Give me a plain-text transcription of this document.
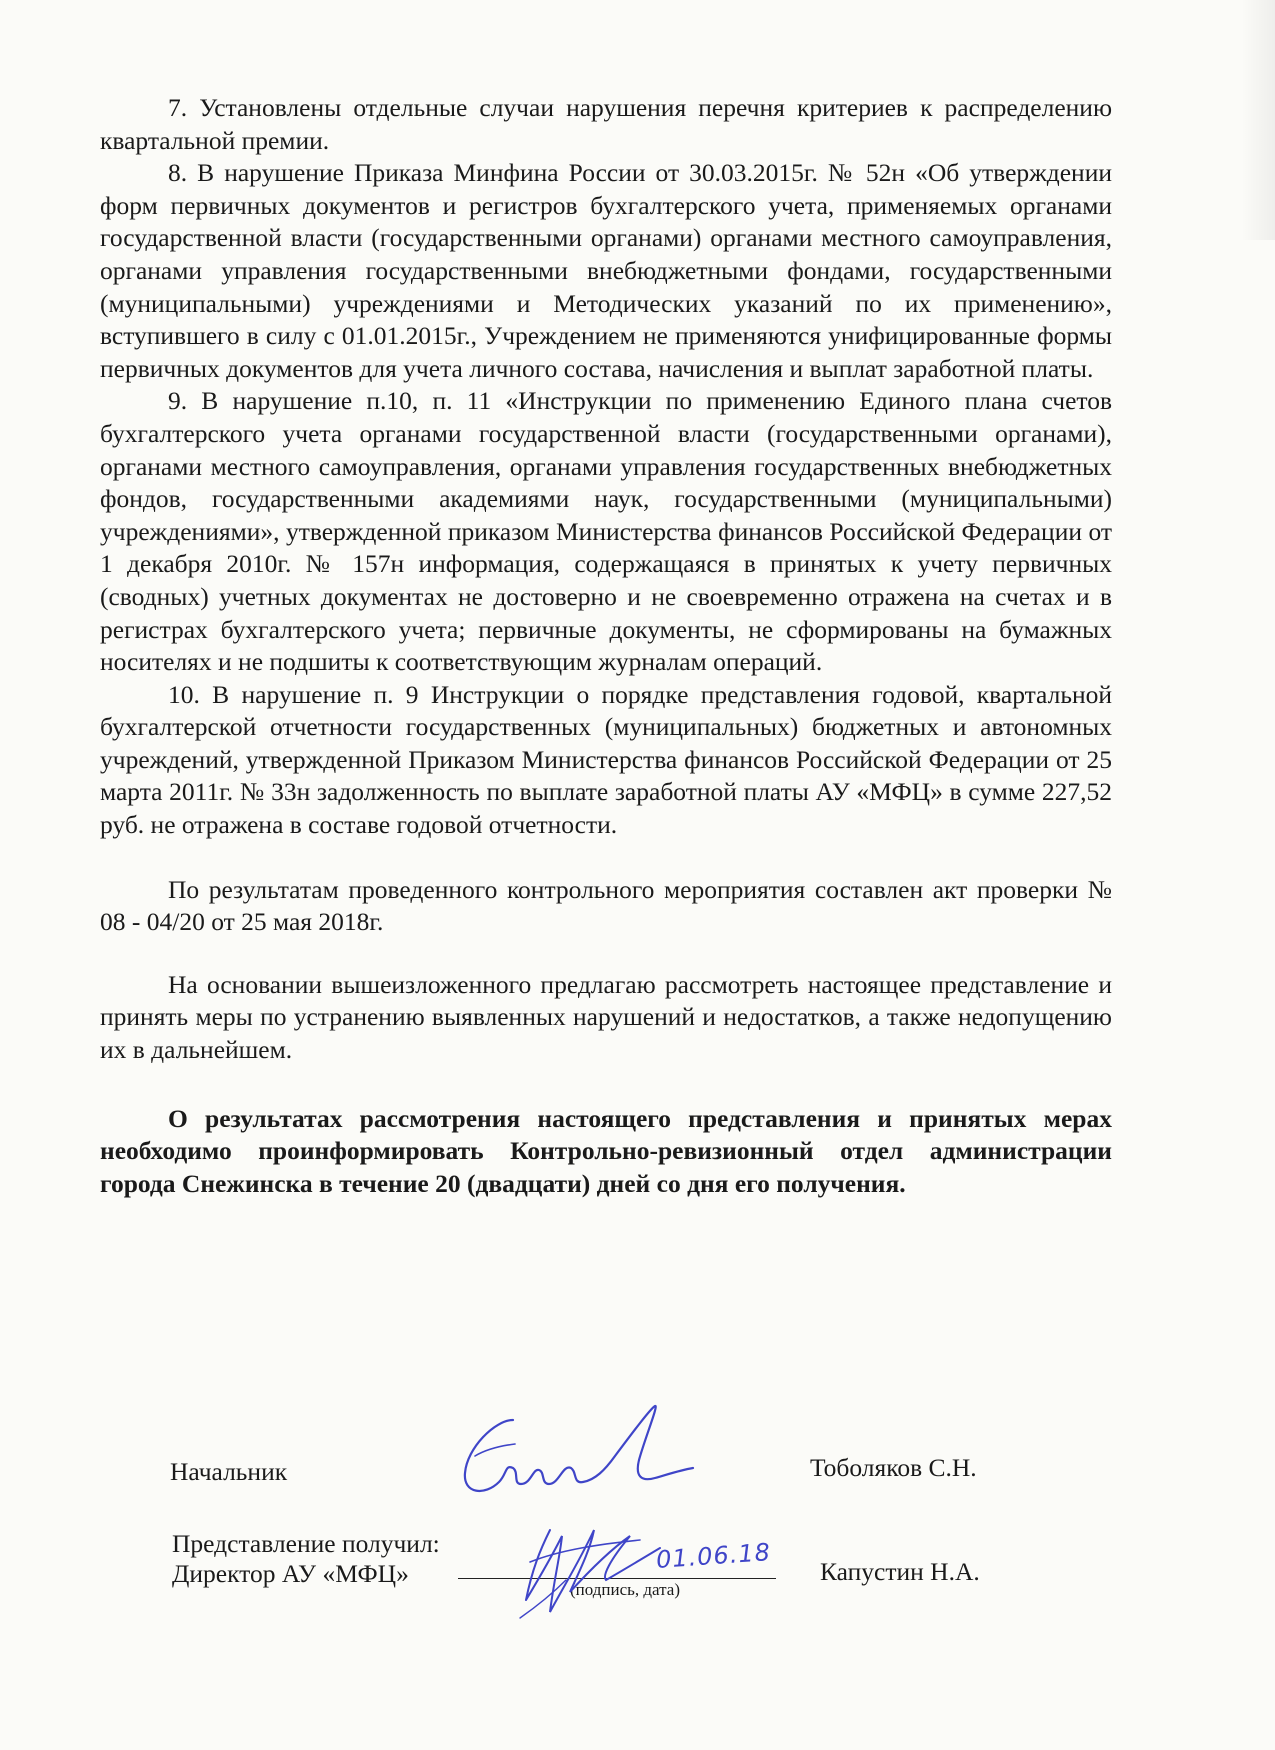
7. Установлены отдельные случаи нарушения перечня критериев к распределению квартальной премии.

8. В нарушение Приказа Минфина России от 30.03.2015г. № 52н «Об утверждении форм первичных документов и регистров бухгалтерского учета, применяемых органами государственной власти (государственными органами) органами местного самоуправления, органами управления государственными внебюджетными фондами, государственными (муниципальными) учреждениями и Методических указаний по их применению», вступившего в силу с 01.01.2015г., Учреждением не применяются унифицированные формы первичных документов для учета личного состава, начисления и выплат заработной платы.

9. В нарушение п.10, п. 11 «Инструкции по применению Единого плана счетов бухгалтерского учета органами государственной власти (государственными органами), органами местного самоуправления, органами управления государственных внебюджетных фондов, государственными академиями наук, государственными (муниципальными) учреждениями», утвержденной приказом Министерства финансов Российской Федерации от 1 декабря 2010г. № 157н информация, содержащаяся в принятых к учету первичных (сводных) учетных документах не достоверно и не своевременно отражена на счетах и в регистрах бухгалтерского учета; первичные документы, не сформированы на бумажных носителях и не подшиты к соответствующим журналам операций.

10. В нарушение п. 9 Инструкции о порядке представления годовой, квартальной бухгалтерской отчетности государственных (муниципальных) бюджетных и автономных учреждений, утвержденной Приказом Министерства финансов Российской Федерации от 25 марта 2011г. № 33н задолженность по выплате заработной платы АУ «МФЦ» в сумме 227,52 руб. не отражена в составе годовой отчетности.

По результатам проведенного контрольного мероприятия составлен акт проверки № 08 - 04/20 от 25 мая 2018г.

На основании вышеизложенного предлагаю рассмотреть настоящее представление и принять меры по устранению выявленных нарушений и недостатков, а также недопущению их в дальнейшем.

О результатах рассмотрения настоящего представления и принятых мерах необходимо проинформировать Контрольно-ревизионный отдел администрации города Снежинска в течение 20 (двадцати) дней со дня его получения.

Начальник	Тоболяков С.Н.
Представление получил:
Директор АУ «МФЦ»	Капустин Н.А.
(подпись, дата)
01.06.18
